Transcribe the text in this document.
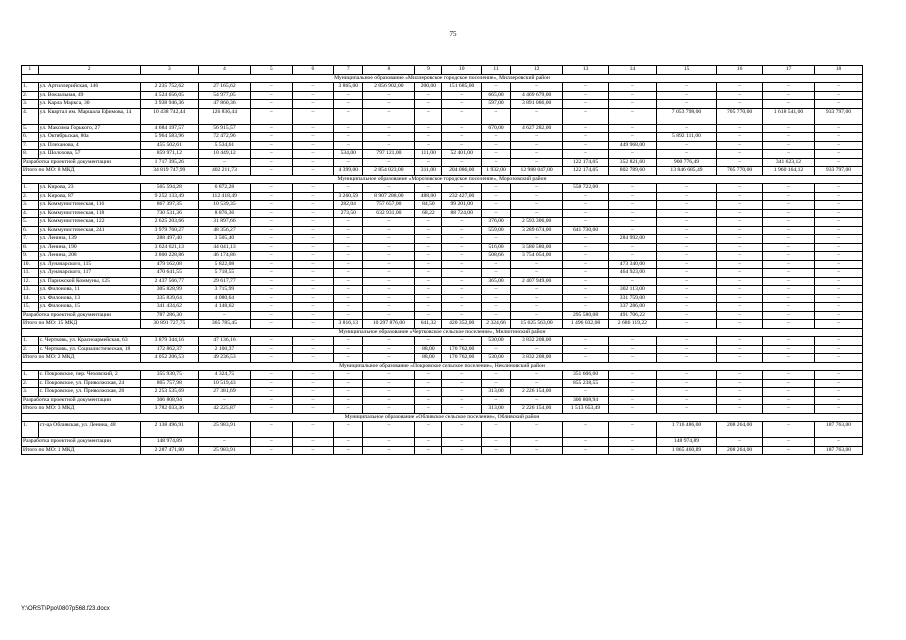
75
1	2	3	4	5	6	7	8	9	10	11	12	13	14	15	16	17	18
Муниципальное образование «Миллеровское городское поселение», Миллеровский район																	
1.	ул. Артиллерийская, 146	2 235 752,62	27 165,62	–	–	3 865,00	2 056 902,00	200,00	151 685,00	–	–	–	–	–	–	–	–
2.	ул. Вокзальная, 49	4 524 656,05	54 977,05	–	–	–	–	–	–	665,00	4 469 679,00	–	–	–	–	–	–
3.	ул. Карла Маркса, 30	3 938 946,36	47 860,36	–	–	–	–	–	–	597,00	3 891 086,00	–	–	–	–	–	–
4.	ул. Квартал им. Маршала Ефимова, 14	10 438 742,44	126 836,44	–	–	–	–	–	–	–	–	–	–	7 053 798,00	705 770,00	1 618 541,00	933 797,00
5.	ул. Максима Горького, 27	4 684 197,57	56 915,57	–	–	–	–	–	–	670,00	4 627 282,00	–	–	–	–	–	–
6.	ул. Октябрьская, 80а	5 964 583,96	72 472,96	–	–	–	–	–	–	–	–	–	–	5 892 111,00	–	–	–
7.	ул. Плеханова, 4	455 502,61	5 534,61	–	–	–	–	–	–	–	–	–	449 968,00	–	–	–	–
8.	ул. Шолохова, 57	859 971,12	10 449,12	–	–	534,00	797 121,00	111,00	52 401,00	–	–	–	–	–	–	–	–
Разработка проектной документации		1 717 395,26	–	–	–	–	–	–	–	–	–	122 174,05	352 821,60	900 776,49	–	341 623,12	–
Итого по МО: 8 МКД		34 819 747,99	402 211,73	–	–	4 399,00	2 854 023,00	311,00	204 086,00	1 932,00	12 988 047,00	122 174,05	802 789,60	13 846 685,49	705 770,00	1 960 164,12	933 797,00
Муниципальное образование «Морозовское городское поселение», Морозовский район																	
1.	ул. Кирова, 23	565 594,28	6 872,28	–	–	–	–	–	–	–	–	558 722,00	–	–	–	–	–
2.	ул. Кирова, 87	9 252 133,49	112 418,49	–	–	3 260,59	8 907 288,00	488,00	232 427,00	–	–	–	–	–	–	–	–
3.	ул. Коммунистическая, 116	867 397,35	10 539,35	–	–	282,04	757 657,00	84,50	99 201,00	–	–	–	–	–	–	–	–
4.	ул. Коммунистическая, 118	730 531,36	8 876,36	–	–	273,50	632 931,00	68,22	88 724,00	–	–	–	–	–	–	–	–
5.	ул. Коммунистическая, 122	2 625 203,66	31 897,66	–	–	–	–	–	–	376,00	2 593 306,00	–	–	–	–	–	–
6.	ул. Коммунистическая, 241	3 979 760,27	48 356,27	–	–	–	–	–	–	559,00	3 289 674,00	641 730,00	–	–	–	–	–
7.	ул. Ленина, 139	288 497,40	3 505,40	–	–	–	–	–	–	–	–	–	284 992,00	–	–	–	–
8.	ул. Ленина, 190	3 624 621,13	44 041,13	–	–	–	–	–	–	516,00	3 580 580,00	–	–	–	–	–	–
9.	ул. Ленина, 208	3 800 228,86	46 174,86	–	–	–	–	–	–	508,66	3 754 054,00	–	–	–	–	–	–
10.	ул. Луначарского, 115	479 162,08	5 822,08	–	–	–	–	–	–	–	–	–	473 340,00	–	–	–	–
11.	ул. Луначарского, 117	470 641,55	5 718,55	–	–	–	–	–	–	–	–	–	464 923,00	–	–	–	–
12.	ул. Парижской Коммуны, 125	2 437 566,77	29 617,77	–	–	–	–	–	–	365,00	2 407 949,00	–	–	–	–	–	–
13.	ул. Филонова, 11	305 828,99	3 715,99	–	–	–	–	–	–	–	–	–	302 113,00	–	–	–	–
14.	ул. Филонова, 13	335 839,64	4 080,64	–	–	–	–	–	–	–	–	–	331 759,00	–	–	–	–
15.	ул. Филонова, 15	341 434,62	4 148,62	–	–	–	–	–	–	–	–	–	337 286,00	–	–	–	–
Разработка проектной документации		787 286,30	–	–	–	–	–	–	–	–	–	295 580,08	491 706,22	–	–	–	–
Итого по МО: 15 МКД		30 891 727,75	365 785,45	–	–	3 816,13	10 297 876,00	641,32	420 352,00	2 324,66	15 625 563,00	1 496 032,08	2 686 119,22	–	–	–	–
Муниципальное образование «Чертковское сельское поселение», Милютинский район																	
1.	с. Чертковь, ул. Красноармейская, 63	3 879 344,16	47 136,16	–	–	–	–	–	–	530,00	3 832 208,00	–	–	–	–	–	–
2.	с. Чертковь, ул. Социалистическая, 18	172 862,37	2 100,37	–	–	–	–	88,00	170 762,00	–	–	–	–	–	–	–	–
Итого по МО: 2 МКД		4 052 206,53	49 236,53	–	–	–	–	88,00	170 762,00	530,00	3 832 208,00	–	–	–	–	–	–
Муниципальное образование «Покровское сельское поселение», Неклиновский район																	
1.	с. Покровское, пер. Чеховский, 2	355 930,75	4 324,75	–	–	–	–	–	–	–	–	351 606,00	–	–	–	–	–
2.	с. Покровское, ул. Приволжская, 24	865 757,98	10 519,43	–	–	–	–	–	–	–	–	855 238,55	–	–	–	–	–
3.	с. Покровское, ул. Приволжская, 28	2 253 535,69	27 381,69	–	–	–	–	–	–	313,00	2 226 154,00	–	–	–	–	–	–
Разработка проектной документации		306 808,94	–	–	–	–	–	–	–	–	–	306 808,94	–	–	–	–	–
Итого по МО: 3 МКД		3 782 033,36	42 225,87	–	–	–	–	–	–	313,00	2 226 154,00	1 513 653,49	–	–	–	–	–
Муниципальное образование «Обливское сельское поселение», Обливский район																	
1.	ст-ца Обливская, ул. Ленина, 48	2 138 496,91	25 983,91	–	–	–	–	–	–	–	–	–	–	1 716 486,00	208 264,00	–	187 763,00
Разработка проектной документации		148 974,89	–	–	–	–	–	–	–	–	–	–	–	148 974,89	–	–	–
Итого по МО: 1 МКД		2 287 471,80	25 983,91	–	–	–	–	–	–	–	–	–	–	1 865 460,89	208 264,00	–	187 763,00
Y:\ORST\Ppo\0807p568.f23.docx
